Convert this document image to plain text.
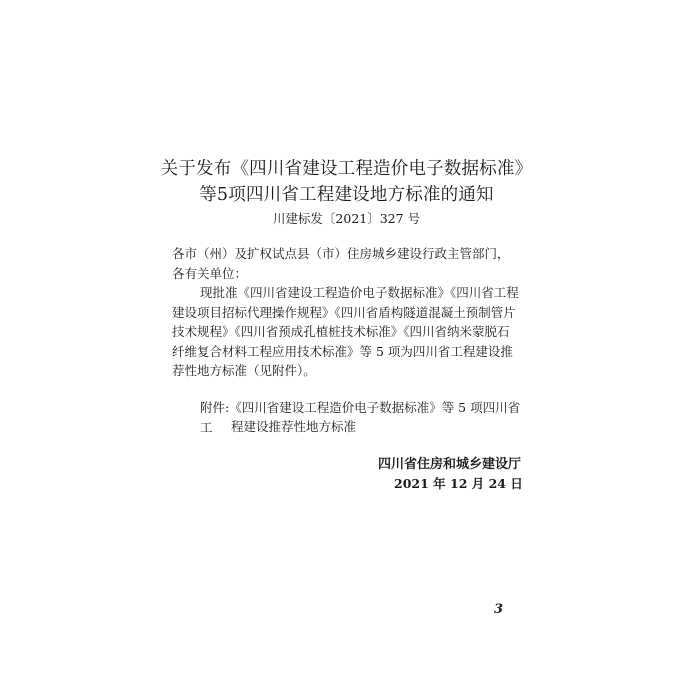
关于发布《四川省建设工程造价电子数据标准》
等5项四川省工程建设地方标准的通知
川建标发〔2021〕327 号
各市（州）及扩权试点县（市）住房城乡建设行政主管部门，各有关单位：
现批准《四川省建设工程造价电子数据标准》《四川省工程建设项目招标代理操作规程》《四川省盾构隧道混凝土预制管片技术规程》《四川省预成孔植桩技术标准》《四川省纳米蒙脱石纤维复合材料工程应用技术标准》等 5 项为四川省工程建设推荐性地方标准（见附件）。
附件:《四川省建设工程造价电子数据标准》等 5 项四川省工	程建设推荐性地方标准
四川省住房和城乡建设厅
2021 年 12 月 24 日
3
